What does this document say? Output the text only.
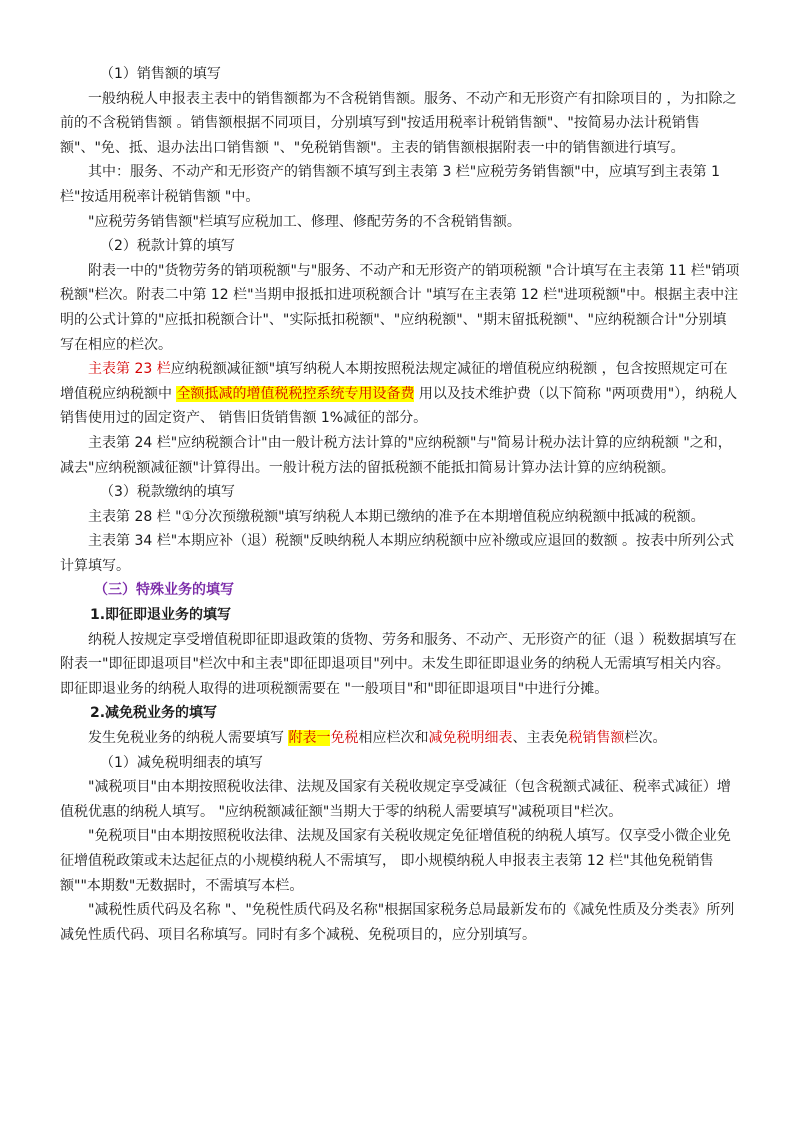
（1）销售额的填写

一般纳税人申报表主表中的销售额都为不含税销售额。服务、不动产和无形资产有扣除项目的 ，为扣除之前的不含税销售额 。销售额根据不同项目，分别填写到"按适用税率计税销售额"、"按简易办法计税销售额"、"免、抵、退办法出口销售额 "、"免税销售额"。主表的销售额根据附表一中的销售额进行填写。

其中：服务、不动产和无形资产的销售额不填写到主表第 3 栏"应税劳务销售额"中，应填写到主表第 1 栏"按适用税率计税销售额 "中。

"应税劳务销售额"栏填写应税加工、修理、修配劳务的不含税销售额。

（2）税款计算的填写

附表一中的"货物劳务的销项税额"与"服务、不动产和无形资产的销项税额 "合计填写在主表第 11 栏"销项税额"栏次。附表二中第 12 栏"当期申报抵扣进项税额合计 "填写在主表第 12 栏"进项税额"中。根据主表中注明的公式计算的"应抵扣税额合计"、"实际抵扣税额"、"应纳税额"、"期末留抵税额"、"应纳税额合计"分别填写在相应的栏次。

主表第 23 栏应纳税额减征额"填写纳税人本期按照税法规定减征的增值税应纳税额 ，包含按照规定可在增值税应纳税额中 全额抵减的增值税税控系统专用设备费 用以及技术维护费（以下简称 "两项费用"），纳税人销售使用过的固定资产、 销售旧货销售额 1%减征的部分。

主表第 24 栏"应纳税额合计"由一般计税方法计算的"应纳税额"与"简易计税办法计算的应纳税额 "之和，减去"应纳税额减征额"计算得出。一般计税方法的留抵税额不能抵扣简易计算办法计算的应纳税额。

（3）税款缴纳的填写

主表第 28 栏 "①分次预缴税额"填写纳税人本期已缴纳的准予在本期增值税应纳税额中抵减的税额。

主表第 34 栏"本期应补（退）税额"反映纳税人本期应纳税额中应补缴或应退回的数额 。按表中所列公式计算填写。

（三）特殊业务的填写

1.即征即退业务的填写

纳税人按规定享受增值税即征即退政策的货物、劳务和服务、不动产、无形资产的征（退 ）税数据填写在附表一"即征即退项目"栏次中和主表"即征即退项目"列中。未发生即征即退业务的纳税人无需填写相关内容。即征即退业务的纳税人取得的进项税额需要在 "一般项目"和"即征即退项目"中进行分摊。

2.减免税业务的填写

发生免税业务的纳税人需要填写 附表一免税相应栏次和减免税明细表、主表免税销售额栏次。

（1）减免税明细表的填写

"减税项目"由本期按照税收法律、法规及国家有关税收规定享受减征（包含税额式减征、税率式减征）增值税优惠的纳税人填写。 "应纳税额减征额"当期大于零的纳税人需要填写"减税项目"栏次。

"免税项目"由本期按照税收法律、法规及国家有关税收规定免征增值税的纳税人填写。仅享受小微企业免征增值税政策或未达起征点的小规模纳税人不需填写， 即小规模纳税人申报表主表第 12 栏"其他免税销售额""本期数"无数据时，不需填写本栏。

"减税性质代码及名称 "、"免税性质代码及名称"根据国家税务总局最新发布的《减免性质及分类表》所列减免性质代码、项目名称填写。同时有多个减税、免税项目的，应分别填写。
